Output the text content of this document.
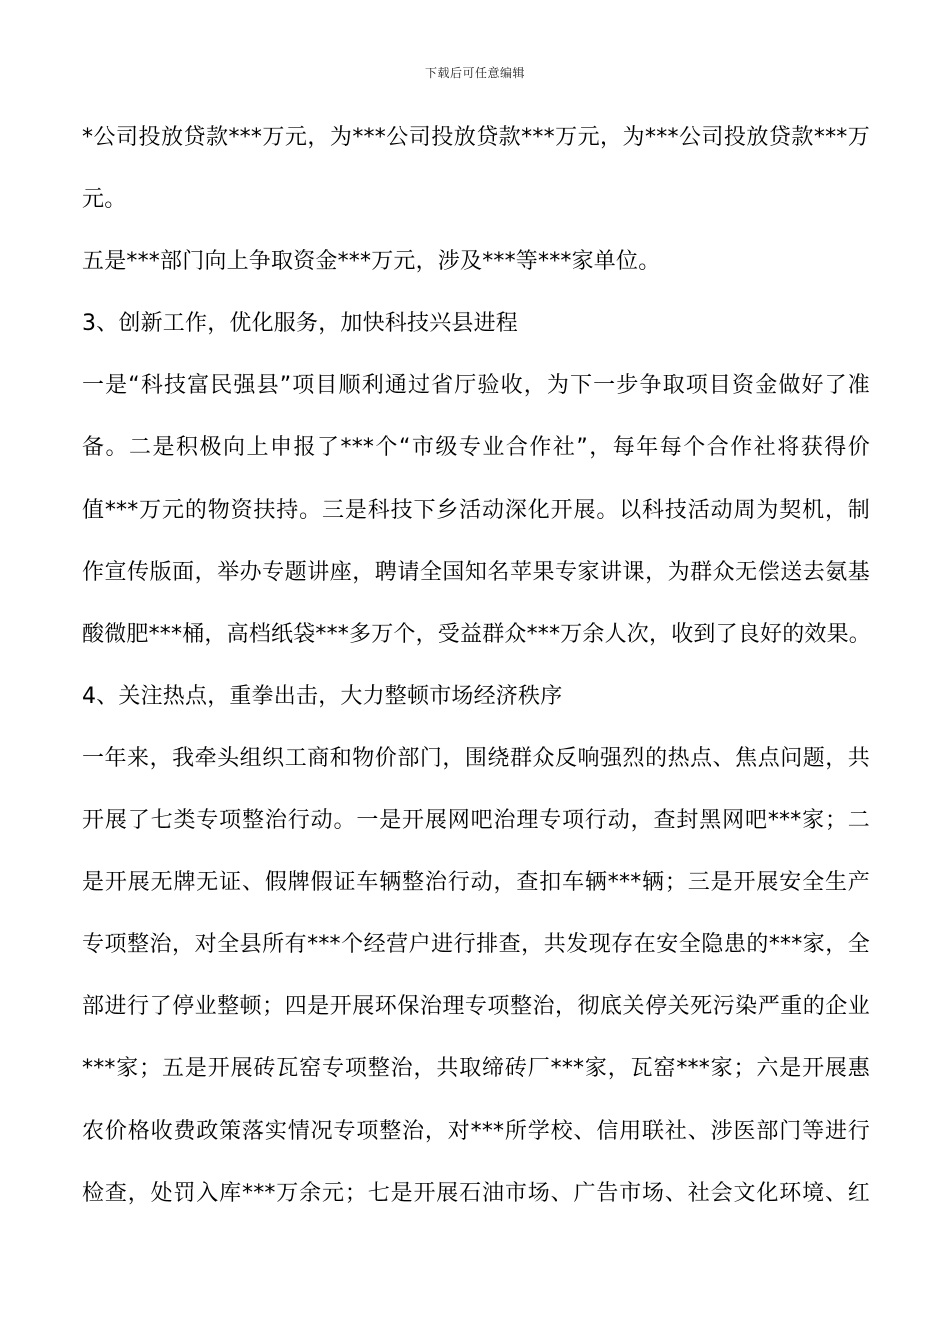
下载后可任意编辑
*公司投放贷款***万元，为***公司投放贷款***万元，为***公司投放贷款***万
元。
五是***部门向上争取资金***万元，涉及***等***家单位。
3、创新工作，优化服务，加快科技兴县进程
一是“科技富民强县”项目顺利通过省厅验收，为下一步争取项目资金做好了准
备。二是积极向上申报了***个“市级专业合作社”，每年每个合作社将获得价
值***万元的物资扶持。三是科技下乡活动深化开展。以科技活动周为契机，制
作宣传版面，举办专题讲座，聘请全国知名苹果专家讲课，为群众无偿送去氨基
酸微肥***桶，高档纸袋***多万个，受益群众***万余人次，收到了良好的效果。
4、关注热点，重拳出击，大力整顿市场经济秩序
一年来，我牵头组织工商和物价部门，围绕群众反响强烈的热点、焦点问题，共
开展了七类专项整治行动。一是开展网吧治理专项行动，查封黑网吧***家；二
是开展无牌无证、假牌假证车辆整治行动，查扣车辆***辆；三是开展安全生产
专项整治，对全县所有***个经营户进行排查，共发现存在安全隐患的***家，全
部进行了停业整顿；四是开展环保治理专项整治，彻底关停关死污染严重的企业
***家；五是开展砖瓦窑专项整治，共取缔砖厂***家，瓦窑***家；六是开展惠
农价格收费政策落实情况专项整治，对***所学校、信用联社、涉医部门等进行
检查，处罚入库***万余元；七是开展石油市场、广告市场、社会文化环境、红
